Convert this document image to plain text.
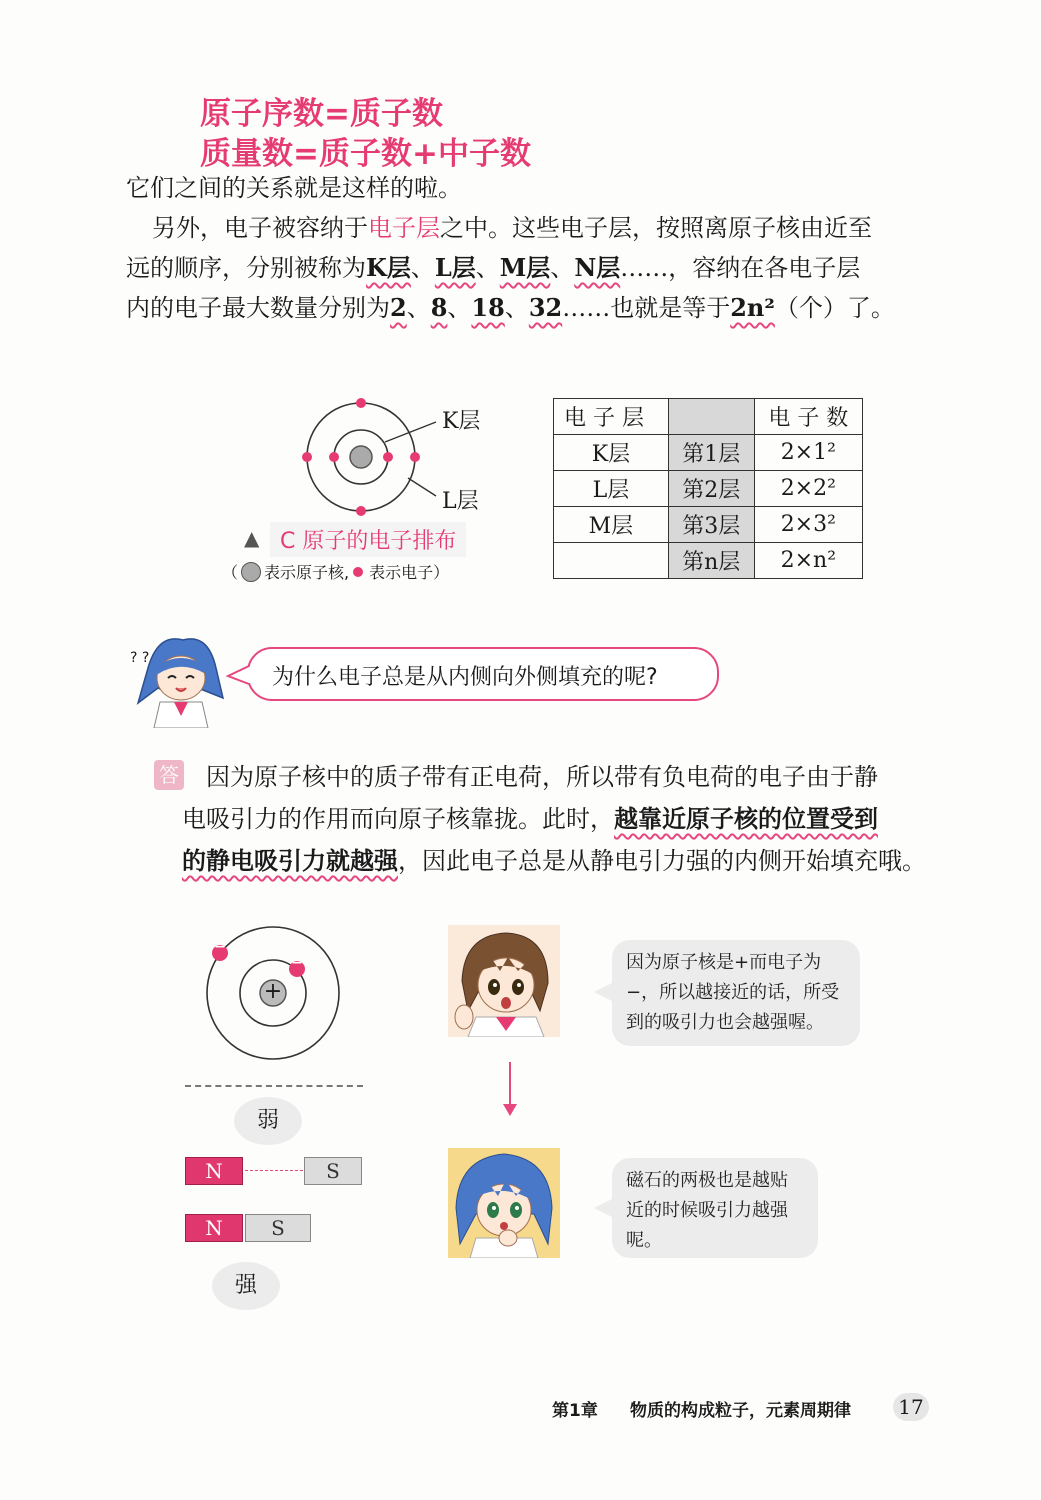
原子序数=质子数
质量数=质子数+中子数
它们之间的关系就是这样的啦。
另外，电子被容纳于电子层之中。这些电子层，按照离原子核由近至
远的顺序，分别被称为K层、L层、M层、N层……，容纳在各电子层
内的电子最大数量分别为2、8、18、32……也就是等于2n²（个）了。
K层
L层
▲ C 原子的电子排布
（ 表示原子核, 表示电子）
电 子 层		电 子 数
K层	第1层	2×1²
L层	第2层	2×2²
M层	第3层	2×3²
	第n层	2×n²
? ?
为什么电子总是从内侧向外侧填充的呢?
答	因为原子核中的质子带有正电荷，所以带有负电荷的电子由于静
电吸引力的作用而向原子核靠拢。此时，越靠近原子核的位置受到
的静电吸引力就越强，因此电子总是从静电引力强的内侧开始填充哦。
+
−
−
弱
N	S
N	S
强
因为原子核是+而电子为
−，所以越接近的话，所受
到的吸引力也会越强喔。
磁石的两极也是越贴
近的时候吸引力越强
呢。
第1章 物质的构成粒子，元素周期律 17
